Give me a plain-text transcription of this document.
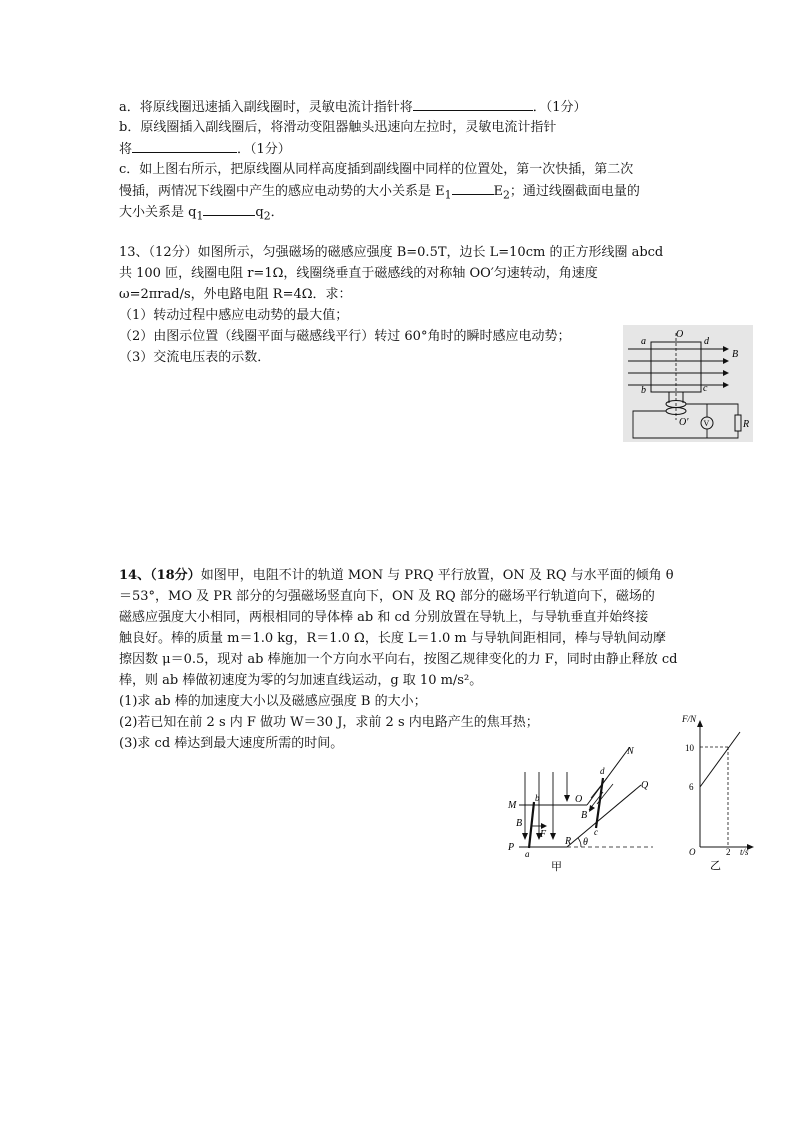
a．将原线圈迅速插入副线圈时，灵敏电流计指针将	．（1分）
b．原线圈插入副线圈后，将滑动变阻器触头迅速向左拉时，灵敏电流计指针
将	．（1分）
c．如上图右所示，把原线圈从同样高度插到副线圈中同样的位置处，第一次快插，第二次
慢插，两情况下线圈中产生的感应电动势的大小关系是 $E_1$	$E_2$；通过线圈截面电量的
大小关系是 $q_1$	$q_2$．
13、（12分）如图所示，匀强磁场的磁感应强度 B=0.5T，边长 L=10cm 的正方形线圈 abcd
共 100 匝，线圈电阻 r=1Ω，线圈绕垂直于磁感线的对称轴 OO′匀速转动，角速度
ω=2πrad/s，外电路电阻 R=4Ω．求：
（1）转动过程中感应电动势的最大值；
（2）由图示位置（线圈平面与磁感线平行）转过 60°角时的瞬时感应电动势；
（3）交流电压表的示数．
a
O
d
B
b	c
O′ V	R
14、（18分）如图甲，电阻不计的轨道 MON 与 PRQ 平行放置，ON 及 RQ 与水平面的倾角 θ
＝53°，MO 及 PR 部分的匀强磁场竖直向下，ON 及 RQ 部分的磁场平行轨道向下，磁场的
磁感应强度大小相同，两根相同的导体棒 ab 和 cd 分别放置在导轨上，与导轨垂直并始终接
触良好。棒的质量 m＝1.0 kg，R＝1.0 Ω，长度 L＝1.0 m 与导轨间距相同，棒与导轨间动摩
擦因数 μ＝0.5，现对 ab 棒施加一个方向水平向右，按图乙规律变化的力 F，同时由静止释放 cd
棒，则 ab 棒做初速度为零的匀加速直线运动，g 取 10 m/s²。
(1)求 ab 棒的加速度大小以及磁感应强度 B 的大小；
(2)若已知在前 2 s 内 F 做功 W＝30 J，求前 2 s 内电路产生的焦耳热；
(3)求 cd 棒达到最大速度所需的时间。
M
P
O
N
Q
R
a
b
c
d
B
B
F
θ
甲
F/N
10
6
O	2 t/s
乙
